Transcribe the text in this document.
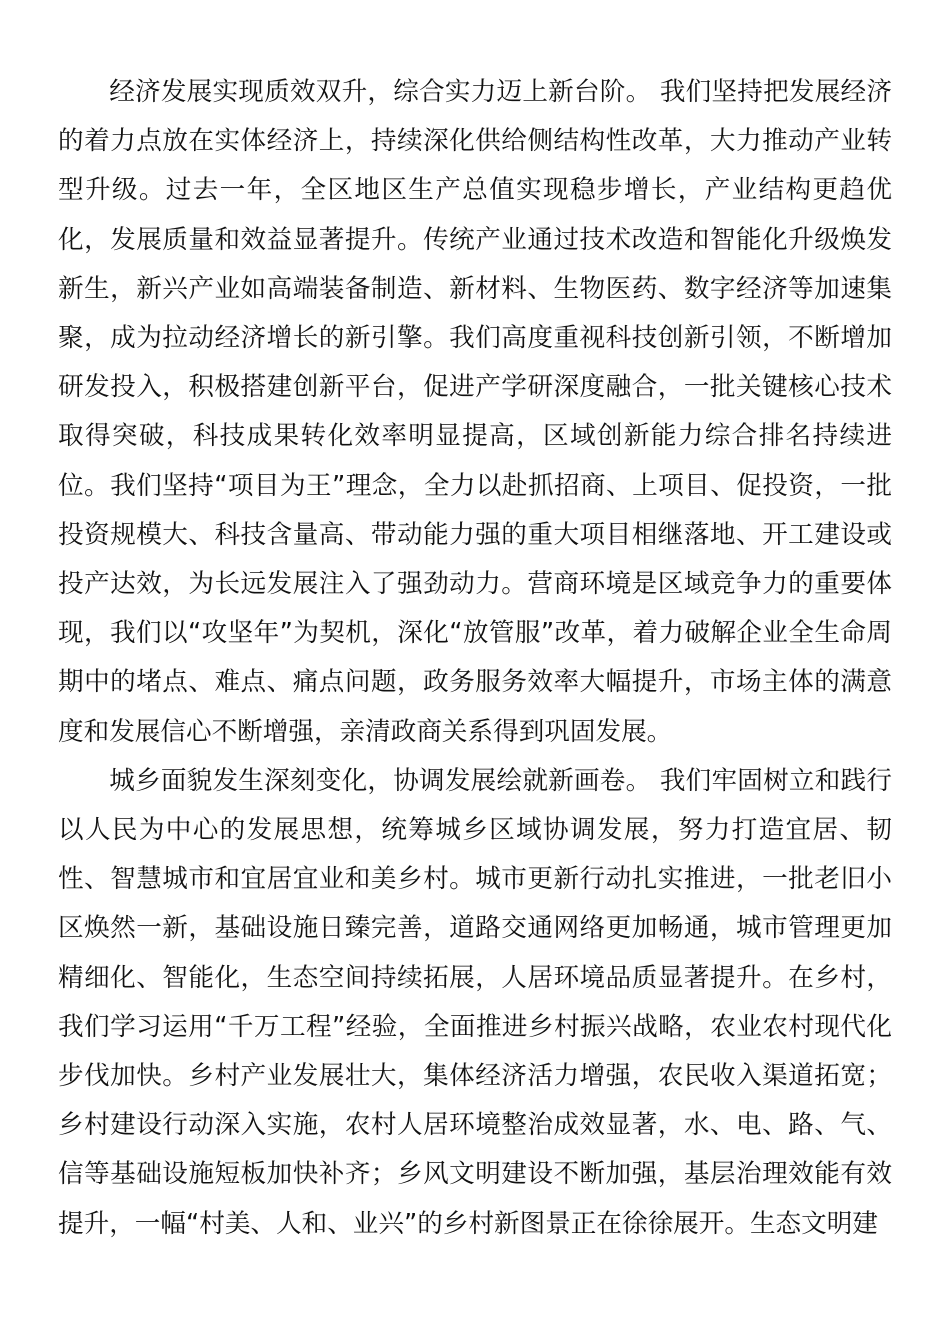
经济发展实现质效双升，综合实力迈上新台阶。 我们坚持把发展经济的着力点放在实体经济上，持续深化供给侧结构性改革，大力推动产业转型升级。过去一年，全区地区生产总值实现稳步增长，产业结构更趋优化，发展质量和效益显著提升。传统产业通过技术改造和智能化升级焕发新生，新兴产业如高端装备制造、新材料、生物医药、数字经济等加速集聚，成为拉动经济增长的新引擎。我们高度重视科技创新引领，不断增加研发投入，积极搭建创新平台，促进产学研深度融合，一批关键核心技术取得突破，科技成果转化效率明显提高，区域创新能力综合排名持续进位。我们坚持“项目为王”理念，全力以赴抓招商、上项目、促投资，一批投资规模大、科技含量高、带动能力强的重大项目相继落地、开工建设或投产达效，为长远发展注入了强劲动力。营商环境是区域竞争力的重要体现，我们以“攻坚年”为契机，深化“放管服”改革，着力破解企业全生命周期中的堵点、难点、痛点问题，政务服务效率大幅提升，市场主体的满意度和发展信心不断增强，亲清政商关系得到巩固发展。

城乡面貌发生深刻变化，协调发展绘就新画卷。 我们牢固树立和践行以人民为中心的发展思想，统筹城乡区域协调发展，努力打造宜居、韧性、智慧城市和宜居宜业和美乡村。城市更新行动扎实推进，一批老旧小区焕然一新，基础设施日臻完善，道路交通网络更加畅通，城市管理更加精细化、智能化，生态空间持续拓展，人居环境品质显著提升。在乡村，我们学习运用“千万工程”经验，全面推进乡村振兴战略，农业农村现代化步伐加快。乡村产业发展壮大，集体经济活力增强，农民收入渠道拓宽；乡村建设行动深入实施，农村人居环境整治成效显著，水、电、路、气、信等基础设施短板加快补齐；乡风文明建设不断加强，基层治理效能有效提升，一幅“村美、人和、业兴”的乡村新图景正在徐徐展开。生态文明建
